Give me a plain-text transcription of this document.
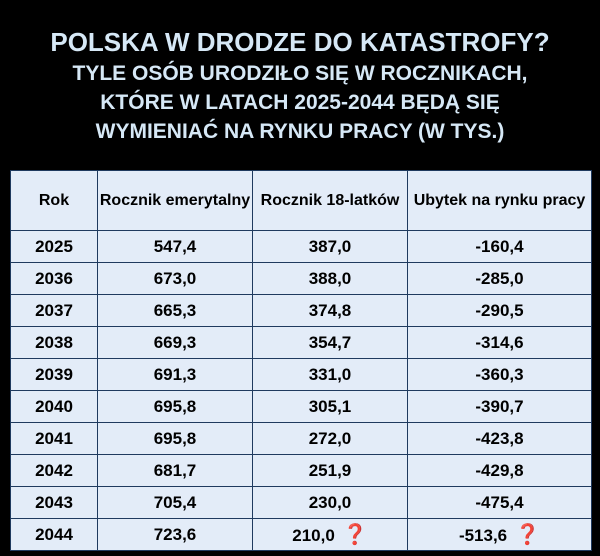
POLSKA W DRODZE DO KATASTROFY?
TYLE OSÓB URODZIŁO SIĘ W ROCZNIKACH,
KTÓRE W LATACH 2025-2044 BĘDĄ SIĘ
WYMIENIAĆ NA RYNKU PRACY (W TYS.)
Rok	Rocznik emerytalny	Rocznik 18-latków	Ubytek na rynku pracy
2025	547,4	387,0	-160,4
2036	673,0	388,0	-285,0
2037	665,3	374,8	-290,5
2038	669,3	354,7	-314,6
2039	691,3	331,0	-360,3
2040	695,8	305,1	-390,7
2041	695,8	272,0	-423,8
2042	681,7	251,9	-429,8
2043	705,4	230,0	-475,4
2044	723,6	210,0 ❓	-513,6 ❓
